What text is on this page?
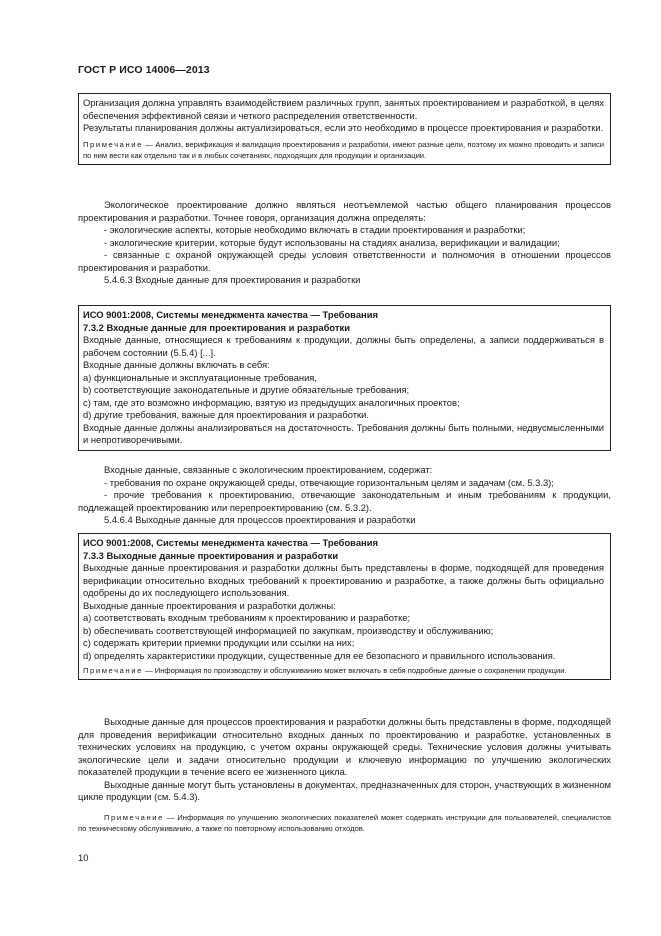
ГОСТ Р ИСО 14006—2013

Организация должна управлять взаимодействием различных групп, занятых проектированием и разработкой, в целях обеспечения эффективной связи и четкого распределения ответственности.

Результаты планирования должны актуализироваться, если это необходимо в процессе проектирования и разработки.

Примечание — Анализ, верификация и валидация проектирования и разработки, имеют разные цели, поэтому их можно проводить и записи по ним вести как отдельно так и в любых сочетаниях, подходящих для продукции и организации.

Экологическое проектирование должно являться неотъемлемой частью общего планирования процессов проектирования и разработки. Точнее говоря, организация должна определять:

- экологические аспекты, которые необходимо включать в стадии проектирования и разработки;

- экологические критерии, которые будут использованы на стадиях анализа, верификации и валидации;

- связанные с охраной окружающей среды условия ответственности и полномочия в отношении процессов проектирования и разработки.

5.4.6.3 Входные данные для проектирования и разработки

ИСО 9001:2008, Системы менеджмента качества — Требования

7.3.2 Входные данные для проектирования и разработки

Входные данные, относящиеся к требованиям к продукции, должны быть определены, а записи поддерживаться в рабочем состоянии (5.5.4) [...].

Входные данные должны включать в себя:

a) функциональные и эксплуатационные требования,

b) соответствующие законодательные и другие обязательные требования;

c) там, где это возможно информацию, взятую из предыдущих аналогичных проектов;

d) другие требования, важные для проектирования и разработки.

Входные данные должны анализироваться на достаточность. Требования должны быть полными, недвусмысленными и непротиворечивыми.

Входные данные, связанные с экологическим проектированием, содержат:

- требования по охране окружающей среды, отвечающие горизонтальным целям и задачам (см. 5.3.3);

- прочие требования к проектированию, отвечающие законодательным и иным требованиям к продукции, подлежащей проектированию или перепроектированию (см. 5.3.2).

5.4.6.4 Выходные данные для процессов проектирования и разработки

ИСО 9001:2008, Системы менеджмента качества — Требования

7.3.3 Выходные данные проектирования и разработки

Выходные данные проектирования и разработки должны быть представлены в форме, подходящей для проведения верификации относительно входных требований к проектированию и разработке, а также должны быть официально одобрены до их последующего использования.

Выходные данные проектирования и разработки должны:

a) соответствовать входным требованиям к проектированию и разработке;

b) обеспечивать соответствующей информацией по закупкам, производству и обслуживанию;

c) содержать критерии приемки продукции или ссылки на них;

d) определять характеристики продукции, существенные для ее безопасного и правильного использования.

Примечание — Информация по производству и обслуживанию может включать в себя подробные данные о сохранении продукции.

Выходные данные для процессов проектирования и разработки должны быть представлены в форме, подходящей для проведения верификации относительно входных данных по проектированию и разработке, установленных в технических условиях на продукцию, с учетом охраны окружающей среды. Технические условия должны учитывать экологические цели и задачи относительно продукции и ключевую информацию по улучшению экологических показателей продукции в течение всего ее жизненного цикла.

Выходные данные могут быть установлены в документах, предназначенных для сторон, участвующих в жизненном цикле продукции (см. 5.4.3).

Примечание — Информация по улучшению экологических показателей может содержать инструкции для пользователей, специалистов по техническому обслуживанию, а также по повторному использованию отходов.

10
